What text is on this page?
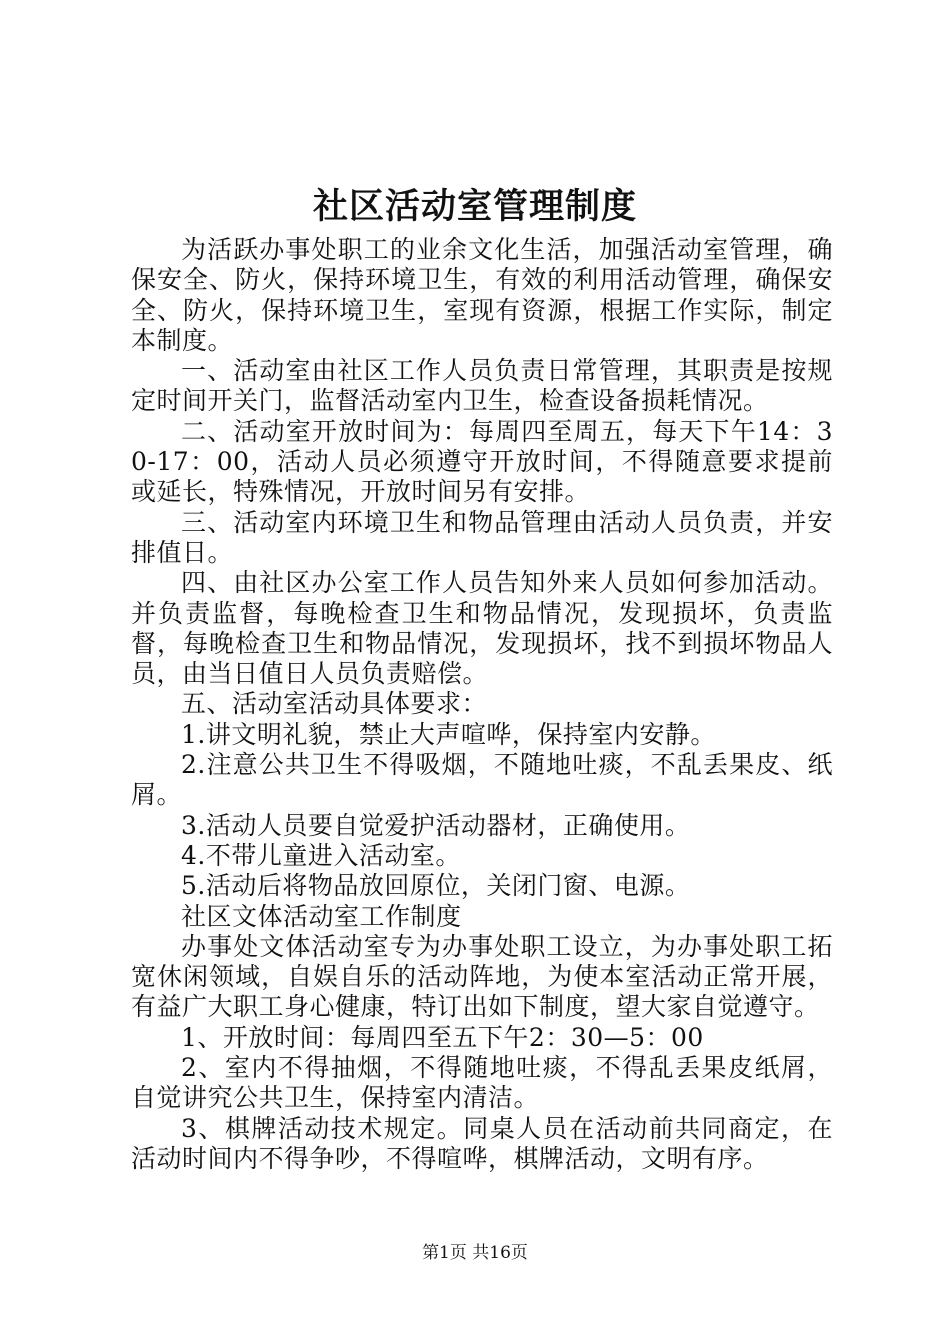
社区活动室管理制度

为活跃办事处职工的业余文化生活，加强活动室管理，确保安全、防火，保持环境卫生，有效的利用活动管理，确保安全、防火，保持环境卫生，室现有资源，根据工作实际，制定本制度。

一、活动室由社区工作人员负责日常管理，其职责是按规定时间开关门，监督活动室内卫生，检查设备损耗情况。

二、活动室开放时间为：每周四至周五，每天下午14：30-17：00，活动人员必须遵守开放时间，不得随意要求提前或延长，特殊情况，开放时间另有安排。

三、活动室内环境卫生和物品管理由活动人员负责，并安排值日。

四、由社区办公室工作人员告知外来人员如何参加活动。并负责监督，每晚检查卫生和物品情况，发现损坏，负责监督，每晚检查卫生和物品情况，发现损坏，找不到损坏物品人员，由当日值日人员负责赔偿。

五、活动室活动具体要求：

1.讲文明礼貌，禁止大声喧哗，保持室内安静。

2.注意公共卫生不得吸烟，不随地吐痰，不乱丢果皮、纸屑。

3.活动人员要自觉爱护活动器材，正确使用。

4.不带儿童进入活动室。

5.活动后将物品放回原位，关闭门窗、电源。

社区文体活动室工作制度

办事处文体活动室专为办事处职工设立，为办事处职工拓宽休闲领域，自娱自乐的活动阵地，为使本室活动正常开展，有益广大职工身心健康，特订出如下制度，望大家自觉遵守。

1、开放时间：每周四至五下午2：30—5：00

2、室内不得抽烟，不得随地吐痰，不得乱丢果皮纸屑，自觉讲究公共卫生，保持室内清洁。

3、棋牌活动技术规定。同桌人员在活动前共同商定，在活动时间内不得争吵，不得喧哗，棋牌活动，文明有序。

第1页 共16页
